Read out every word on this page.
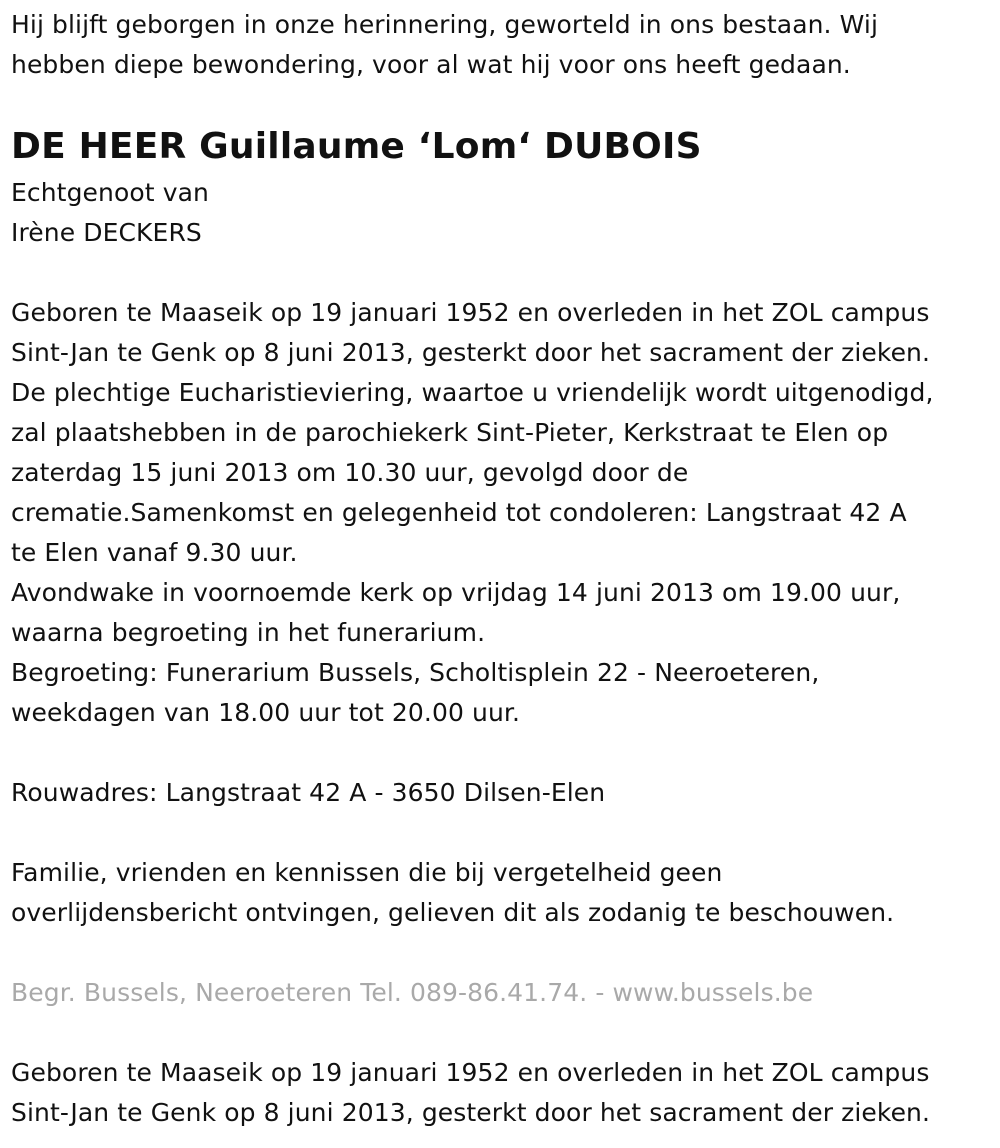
Hij blijft geborgen in onze herinnering, geworteld in ons bestaan. Wij
hebben diepe bewondering, voor al wat hij voor ons heeft gedaan.
DE HEER Guillaume ‘Lom‘ DUBOIS
Echtgenoot van
Irène DECKERS
Geboren te Maaseik op 19 januari 1952 en overleden in het ZOL campus
Sint-Jan te Genk op 8 juni 2013, gesterkt door het sacrament der zieken.
De plechtige Eucharistieviering, waartoe u vriendelijk wordt uitgenodigd,
zal plaatshebben in de parochiekerk Sint-Pieter, Kerkstraat te Elen op
zaterdag 15 juni 2013 om 10.30 uur, gevolgd door de
crematie.Samenkomst en gelegenheid tot condoleren: Langstraat 42 A
te Elen vanaf 9.30 uur.
Avondwake in voornoemde kerk op vrijdag 14 juni 2013 om 19.00 uur,
waarna begroeting in het funerarium.
Begroeting: Funerarium Bussels, Scholtisplein 22 - Neeroeteren,
weekdagen van 18.00 uur tot 20.00 uur.
Rouwadres: Langstraat 42 A - 3650 Dilsen-Elen
Familie, vrienden en kennissen die bij vergetelheid geen
overlijdensbericht ontvingen, gelieven dit als zodanig te beschouwen.
Begr. Bussels, Neeroeteren Tel. 089-86.41.74. - www.bussels.be
Geboren te Maaseik op 19 januari 1952 en overleden in het ZOL campus
Sint-Jan te Genk op 8 juni 2013, gesterkt door het sacrament der zieken.
